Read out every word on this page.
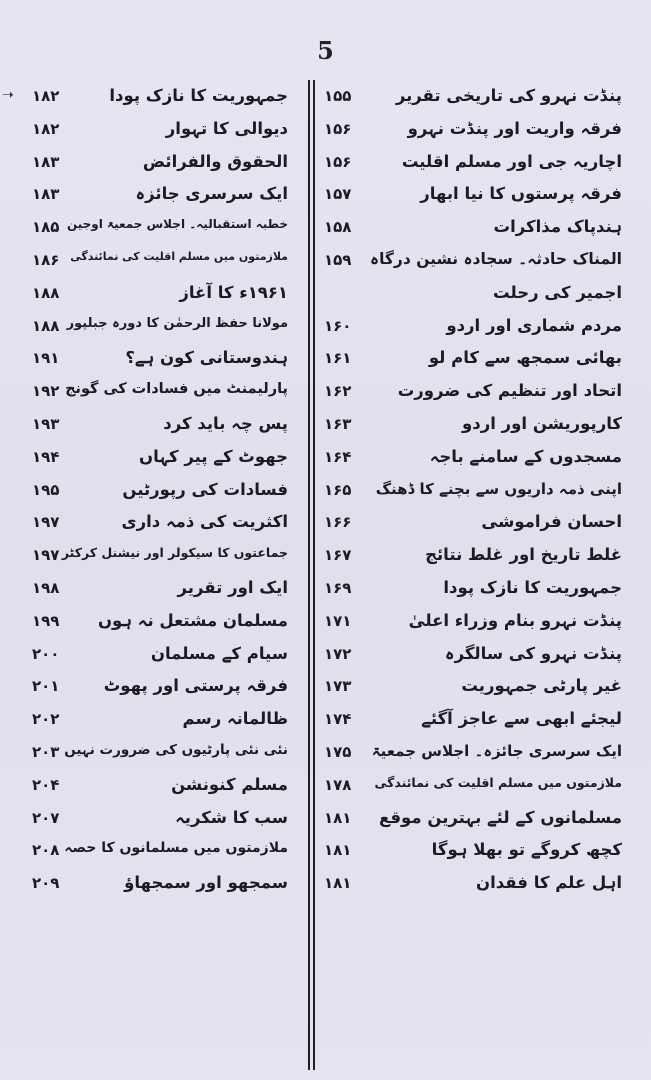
5
➝	پنڈت نہرو کی تاریخی تقریر
۱۵۵
فرقہ واریت اور پنڈت نہرو
۱۵۶
اچاریہ جی اور مسلم اقلیت
۱۵۶
فرقہ پرستوں کا نیا ابھار
۱۵۷
ہندپاک مذاکرات
۱۵۸
المناک حادثہ۔ سجادہ نشین درگاہ
۱۵۹
اجمیر کی رحلت
مردم شماری اور اردو
۱۶۰
بھائی سمجھ سے کام لو
۱۶۱
اتحاد اور تنظیم کی ضرورت
۱۶۲
کارپوریشن اور اردو
۱۶۳
مسجدوں کے سامنے باجہ
۱۶۴
اپنی ذمہ داریوں سے بچنے کا ڈھنگ
۱۶۵
احسان فراموشی
۱۶۶
غلط تاریخ اور غلط نتائج
۱۶۷
جمہوریت کا نازک پودا
۱۶۹
پنڈت نہرو بنام وزراء اعلیٰ
۱۷۱
پنڈت نہرو کی سالگرہ
۱۷۲
غیر پارٹی جمہوریت
۱۷۳
لیجئے ابھی سے عاجز آگئے
۱۷۴
ایک سرسری جائزہ۔ اجلاس جمعیۃ
۱۷۵
ملازمتوں میں مسلم اقلیت کی نمائندگی
۱۷۸
مسلمانوں کے لئے بہترین موقع
۱۸۱
کچھ کروگے تو بھلا ہوگا
۱۸۱
اہل علم کا فقدان
۱۸۱
جمہوریت کا نازک پودا
۱۸۲
دیوالی کا تہوار
۱۸۲
الحقوق والفرائض
۱۸۳
ایک سرسری جائزہ
۱۸۳
خطبہ استقبالیہ۔ اجلاس جمعیۃ اوجین
۱۸۵
ملازمتوں میں مسلم اقلیت کی نمائندگی
۱۸۶
۱۹۶۱ء کا آغاز
۱۸۸
مولانا حفظ الرحمٰن کا دورہ جبلپور
۱۸۸
ہندوستانی کون ہے؟
۱۹۱
پارلیمنٹ میں فسادات کی گونج
۱۹۲
پس چہ باید کرد
۱۹۳
جھوٹ کے پیر کہاں
۱۹۴
فسادات کی رپورٹیں
۱۹۵
اکثریت کی ذمہ داری
۱۹۷
جماعتوں کا سیکولر اور نیشنل کرکٹر
۱۹۷
ایک اور تقریر
۱۹۸
مسلمان مشتعل نہ ہوں
۱۹۹
سیام کے مسلمان
۲۰۰
فرقہ پرستی اور پھوٹ
۲۰۱
ظالمانہ رسم
۲۰۲
نئی نئی پارٹیوں کی ضرورت نہیں
۲۰۳
مسلم کنونشن
۲۰۴
سب کا شکریہ
۲۰۷
ملازمتوں میں مسلمانوں کا حصہ
۲۰۸
سمجھو اور سمجھاؤ
۲۰۹
